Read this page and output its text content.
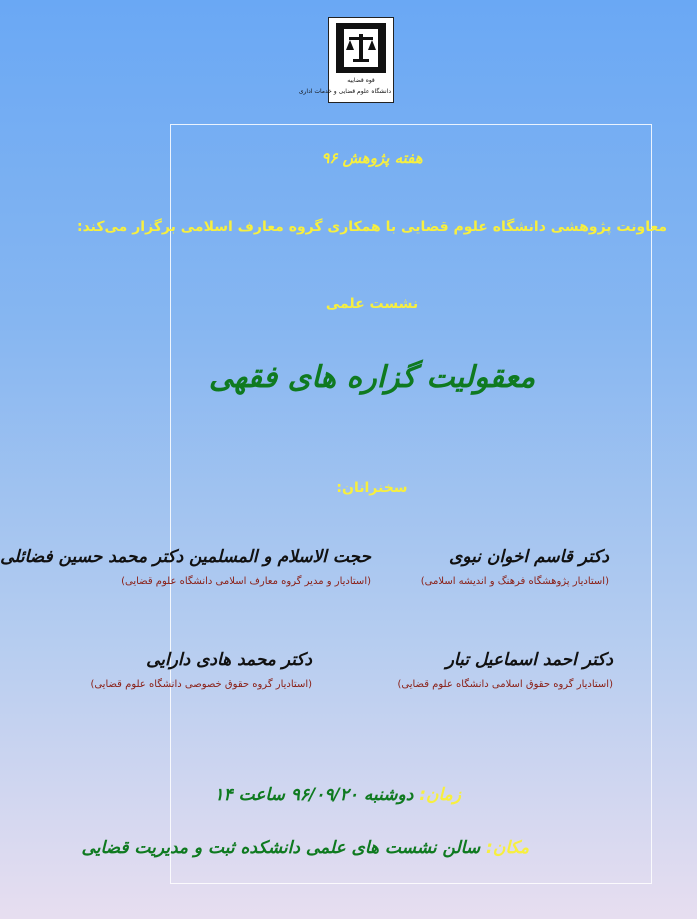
قوه قضاییه
دانشگاه علوم قضایی و خدمات اداری
هفته پژوهش ۹۶
معاونت پژوهشی دانشگاه علوم قضایی با همکاری گروه معارف اسلامی برگزار می‌کند:
نشست علمی
معقولیت گزاره های فقهی
سخنرانان:
دکتر قاسم اخوان نبوی
(استادیار پژوهشگاه فرهنگ و اندیشه اسلامی)
حجت الاسلام و المسلمین دکتر محمد حسین فضائلی
(استادیار و مدیر گروه معارف اسلامی دانشگاه علوم قضایی)
دکتر احمد اسماعیل تبار
(استادیار گروه حقوق اسلامی دانشگاه علوم قضایی)
دکتر محمد هادی دارایی
(استادیار گروه حقوق خصوصی دانشگاه علوم قضایی)
زمان: دوشنبه ۹۶/۰۹/۲۰ ساعت ۱۴
مکان: سالن نشست های علمی دانشکده ثبت و مدیریت قضایی
